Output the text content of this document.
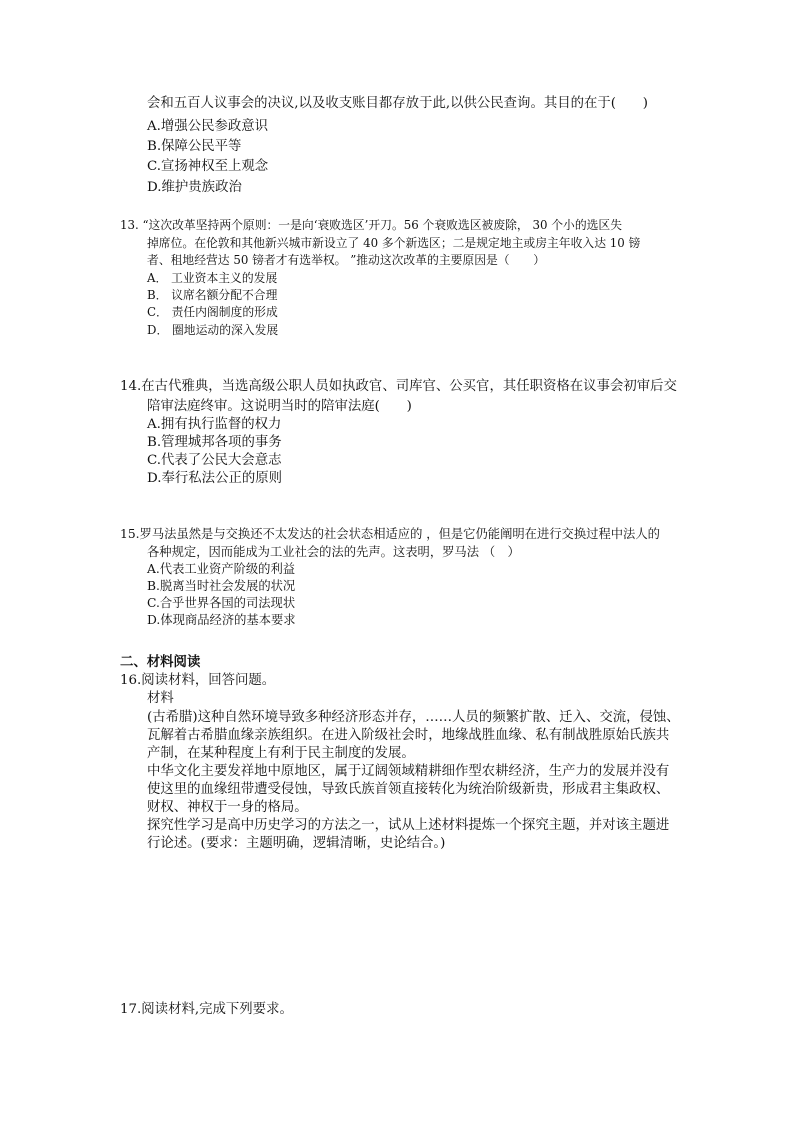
会和五百人议事会的决议,以及收支账目都存放于此,以供公民查询。其目的在于(　　)
A.增强公民参政意识
B.保障公民平等
C.宣扬神权至上观念
D.维护贵族政治
13. “这次改革坚持两个原则：一是向‘衰败选区’开刀。56 个衰败选区被废除， 30 个小的选区失
掉席位。在伦敦和其他新兴城市新设立了 40 多个新选区；二是规定地主或房主年收入达 10 镑
者、租地经营达 50 镑者才有选举权。 ”推动这次改革的主要原因是（　　）
A． 工业资本主义的发展
B． 议席名额分配不合理
C． 责任内阁制度的形成
D． 圈地运动的深入发展
14.在古代雅典，当选高级公职人员如执政官、司库官、公买官，其任职资格在议事会初审后交
陪审法庭终审。这说明当时的陪审法庭(　　)
A.拥有执行监督的权力
B.管理城邦各项的事务
C.代表了公民大会意志
D.奉行私法公正的原则
15.罗马法虽然是与交换还不太发达的社会状态相适应的 ，但是它仍能阐明在进行交换过程中法人的
各种规定，因而能成为工业社会的法的先声。这表明，罗马法 （　）
A.代表工业资产阶级的利益
B.脱离当时社会发展的状况
C.合乎世界各国的司法现状
D.体现商品经济的基本要求
二、材料阅读
16.阅读材料，回答问题。
材料
(古希腊)这种自然环境导致多种经济形态并存，……人员的频繁扩散、迁入、交流，侵蚀、
瓦解着古希腊血缘亲族组织。在进入阶级社会时，地缘战胜血缘、私有制战胜原始氏族共
产制，在某种程度上有利于民主制度的发展。
中华文化主要发祥地中原地区，属于辽阔领域精耕细作型农耕经济，生产力的发展并没有
使这里的血缘纽带遭受侵蚀，导致氏族首领直接转化为统治阶级新贵，形成君主集政权、
财权、神权于一身的格局。
探究性学习是高中历史学习的方法之一，试从上述材料提炼一个探究主题，并对该主题进
行论述。(要求：主题明确，逻辑清晰，史论结合。)
17.阅读材料,完成下列要求。
